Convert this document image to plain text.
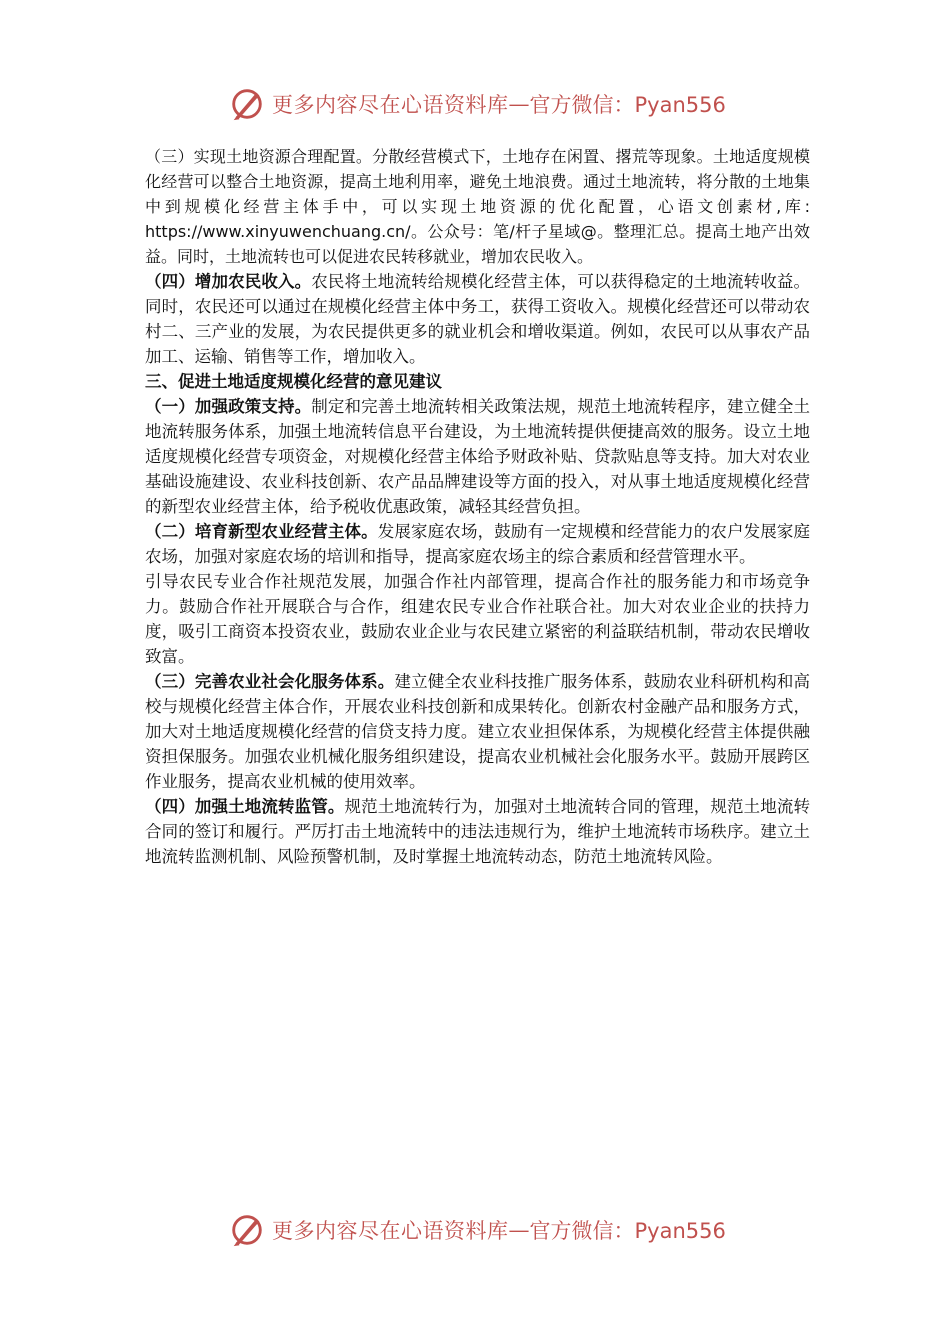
更多内容尽在心语资料库 — 官方微信：Pyan556

（三）实现土地资源合理配置。分散经营模式下，土地存在闲置、撂荒等现象。土地适度规模化经营可以整合土地资源，提高土地利用率，避免土地浪费。通过土地流转，将分散的土地集中到规模化经营主体手中，可以实现土地资源的优化配置，心语文创素材,库: https://www.xinyuwenchuang.cn/。公众号：笔/杆子星域@。整理汇总。提高土地产出效益。同时，土地流转也可以促进农民转移就业，增加农民收入。

（四）增加农民收入。农民将土地流转给规模化经营主体，可以获得稳定的土地流转收益。同时，农民还可以通过在规模化经营主体中务工，获得工资收入。规模化经营还可以带动农村二、三产业的发展，为农民提供更多的就业机会和增收渠道。例如，农民可以从事农产品加工、运输、销售等工作，增加收入。

三、促进土地适度规模化经营的意见建议

（一）加强政策支持。制定和完善土地流转相关政策法规，规范土地流转程序，建立健全土地流转服务体系，加强土地流转信息平台建设，为土地流转提供便捷高效的服务。设立土地适度规模化经营专项资金，对规模化经营主体给予财政补贴、贷款贴息等支持。加大对农业基础设施建设、农业科技创新、农产品品牌建设等方面的投入，对从事土地适度规模化经营的新型农业经营主体，给予税收优惠政策，减轻其经营负担。

（二）培育新型农业经营主体。发展家庭农场，鼓励有一定规模和经营能力的农户发展家庭农场，加强对家庭农场的培训和指导，提高家庭农场主的综合素质和经营管理水平。

引导农民专业合作社规范发展，加强合作社内部管理，提高合作社的服务能力和市场竞争力。鼓励合作社开展联合与合作，组建农民专业合作社联合社。加大对农业企业的扶持力度，吸引工商资本投资农业，鼓励农业企业与农民建立紧密的利益联结机制，带动农民增收致富。

（三）完善农业社会化服务体系。建立健全农业科技推广服务体系，鼓励农业科研机构和高校与规模化经营主体合作，开展农业科技创新和成果转化。创新农村金融产品和服务方式，加大对土地适度规模化经营的信贷支持力度。建立农业担保体系，为规模化经营主体提供融资担保服务。加强农业机械化服务组织建设，提高农业机械社会化服务水平。鼓励开展跨区作业服务，提高农业机械的使用效率。

（四）加强土地流转监管。规范土地流转行为，加强对土地流转合同的管理，规范土地流转合同的签订和履行。严厉打击土地流转中的违法违规行为，维护土地流转市场秩序。建立土地流转监测机制、风险预警机制，及时掌握土地流转动态，防范土地流转风险。

更多内容尽在心语资料库 — 官方微信：Pyan556
